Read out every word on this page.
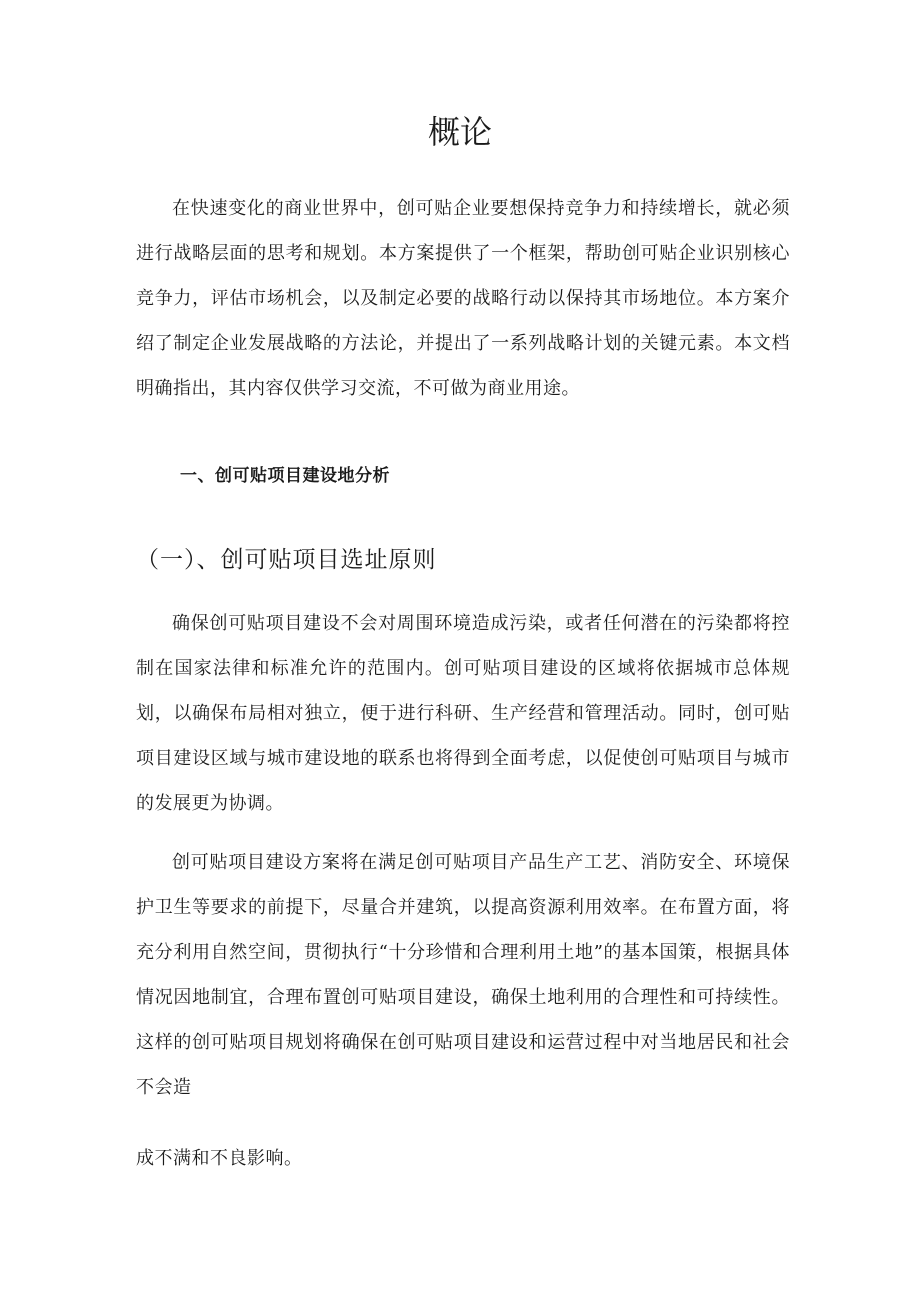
概论

在快速变化的商业世界中，创可贴企业要想保持竞争力和持续增长，就必须进行战略层面的思考和规划。本方案提供了一个框架，帮助创可贴企业识别核心竞争力，评估市场机会，以及制定必要的战略行动以保持其市场地位。本方案介绍了制定企业发展战略的方法论，并提出了一系列战略计划的关键元素。本文档明确指出，其内容仅供学习交流，不可做为商业用途。

一、创可贴项目建设地分析
（一）、创可贴项目选址原则

确保创可贴项目建设不会对周围环境造成污染，或者任何潜在的污染都将控制在国家法律和标准允许的范围内。创可贴项目建设的区域将依据城市总体规划，以确保布局相对独立，便于进行科研、生产经营和管理活动。同时，创可贴项目建设区域与城市建设地的联系也将得到全面考虑，以促使创可贴项目与城市的发展更为协调。

创可贴项目建设方案将在满足创可贴项目产品生产工艺、消防安全、环境保护卫生等要求的前提下，尽量合并建筑，以提高资源利用效率。在布置方面，将充分利用自然空间，贯彻执行“十分珍惜和合理利用土地”的基本国策，根据具体情况因地制宜，合理布置创可贴项目建设，确保土地利用的合理性和可持续性。这样的创可贴项目规划将确保在创可贴项目建设和运营过程中对当地居民和社会不会造

成不满和不良影响。
